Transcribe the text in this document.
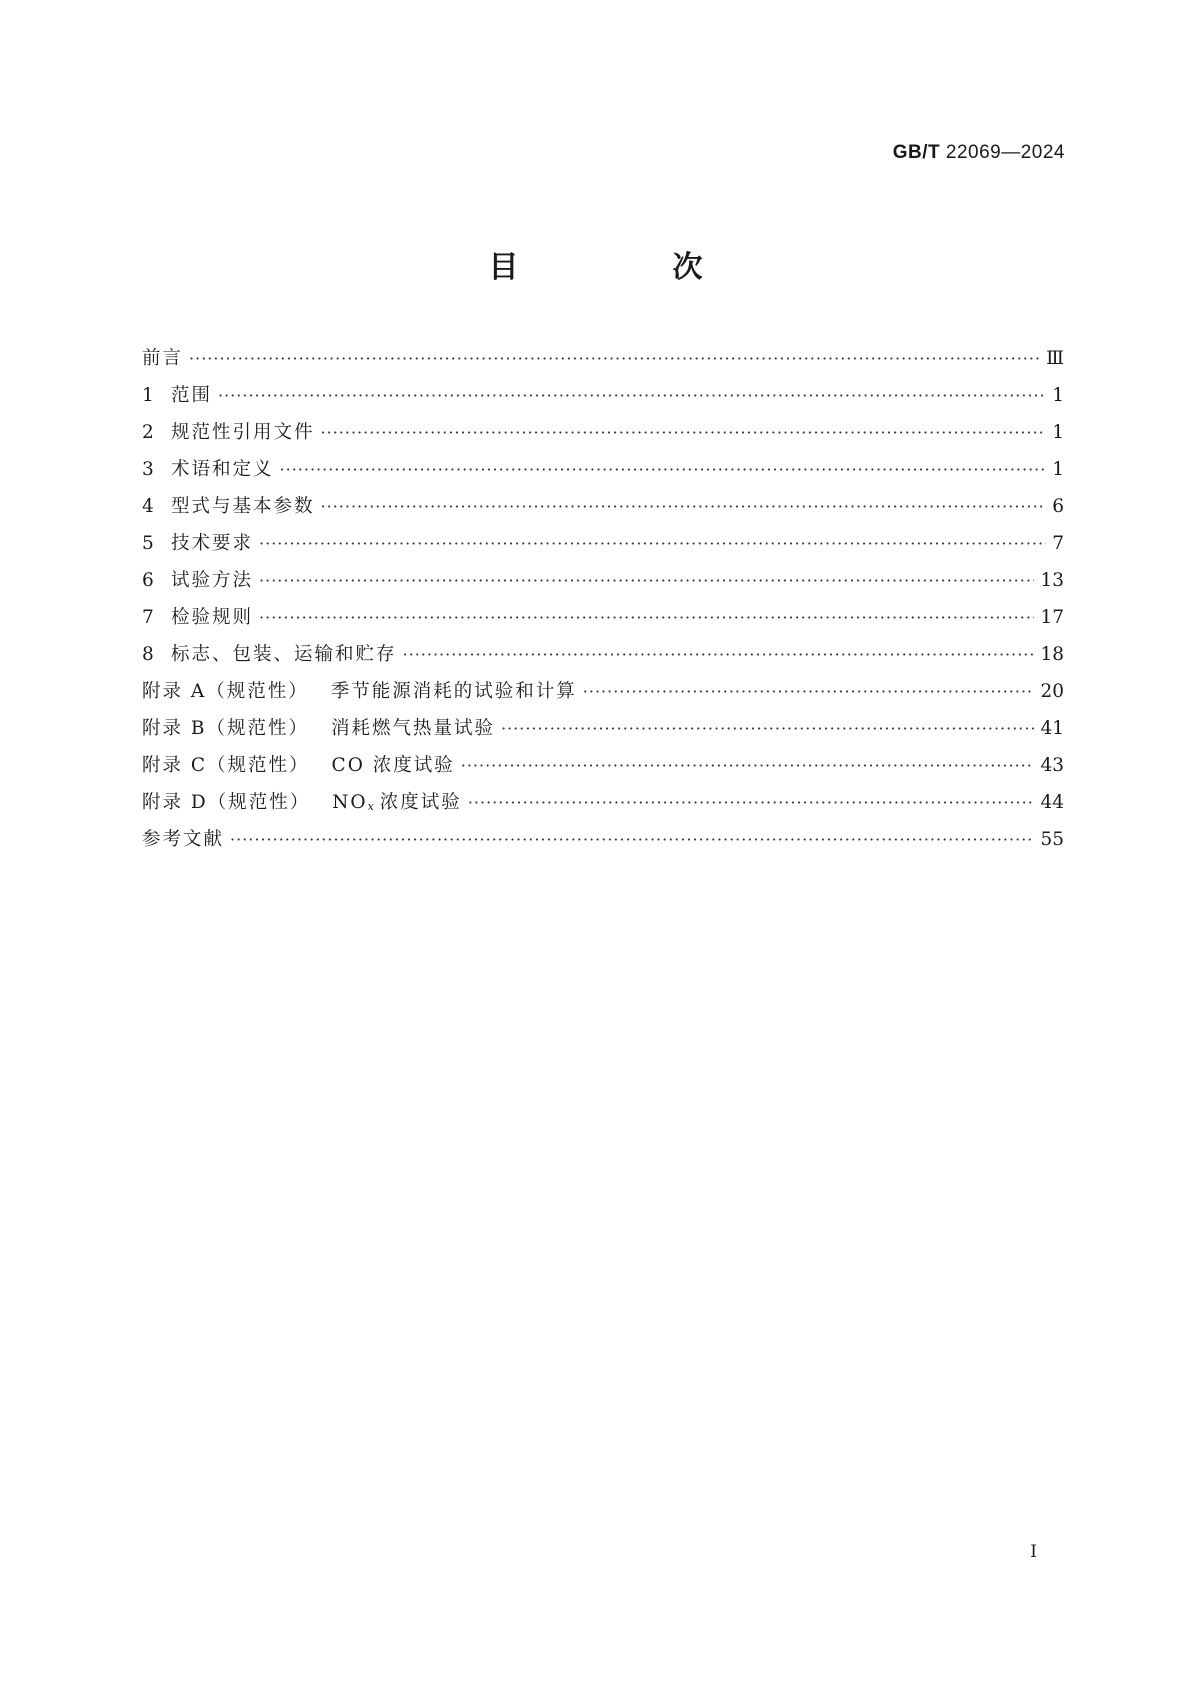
GB/T 22069—2024
目　次
前言 ·····	Ⅲ
1 范围 ·····	1
2 规范性引用文件 ·····	1
3 术语和定义 ·····	1
4 型式与基本参数 ·····	6
5 技术要求 ·····	7
6 试验方法 ·····	13
7 检验规则 ·····	17
8 标志、包装、运输和贮存 ·····	18
附录 A（规范性） 季节能源消耗的试验和计算 ·····	20
附录 B（规范性） 消耗燃气热量试验 ·····	41
附录 C（规范性） CO 浓度试验 ·····	43
附录 D（规范性） NOx 浓度试验 ·····	44
参考文献 ·····	55
I
